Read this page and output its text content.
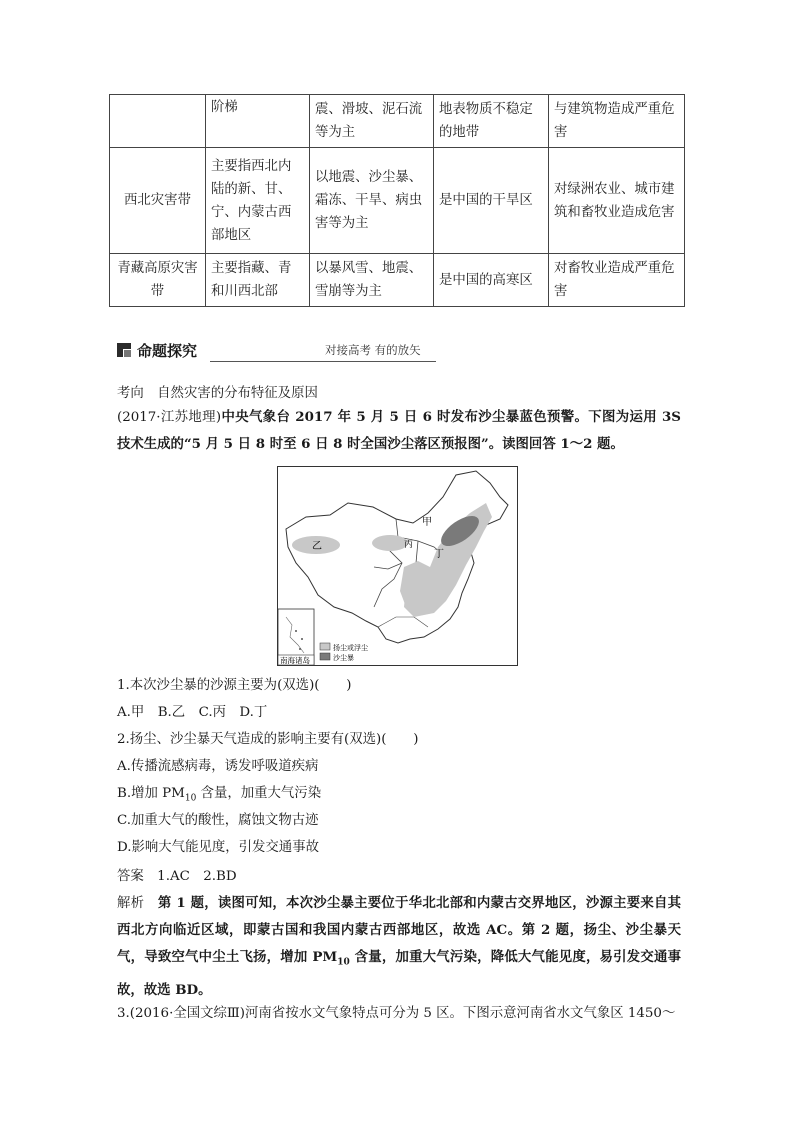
	阶梯	震、滑坡、泥石流等为主	地表物质不稳定的地带	与建筑物造成严重危害
西北灾害带	主要指西北内陆的新、甘、宁、内蒙古西部地区	以地震、沙尘暴、霜冻、干旱、病虫害等为主	是中国的干旱区	对绿洲农业、城市建筑和畜牧业造成危害
青藏高原灾害带	主要指藏、青和川西北部	以暴风雪、地震、雪崩等为主	是中国的高寒区	对畜牧业造成严重危害
命题探究	对接高考 有的放矢
考向　自然灾害的分布特征及原因
(2017·江苏地理)中央气象台 2017 年 5 月 5 日 6 时发布沙尘暴蓝色预警。下图为运用 3S 技术生成的“5 月 5 日 8 时至 6 日 8 时全国沙尘落区预报图”。读图回答 1～2 题。
甲
乙	丙
丁
南海诸岛
扬尘或浮尘
沙尘暴
1.本次沙尘暴的沙源主要为(双选)(　　)
A.甲　B.乙　C.丙　D.丁
2.扬尘、沙尘暴天气造成的影响主要有(双选)(　　)
A.传播流感病毒，诱发呼吸道疾病
B.增加 $PM_{10}$ 含量，加重大气污染
C.加重大气的酸性，腐蚀文物古迹
D.影响大气能见度，引发交通事故
答案　1.AC　2.BD
解析　第 1 题，读图可知，本次沙尘暴主要位于华北北部和内蒙古交界地区，沙源主要来自其西北方向临近区域，即蒙古国和我国内蒙古西部地区，故选 AC。第 2 题，扬尘、沙尘暴天气，导致空气中尘土飞扬，增加 $PM_{10}$ 含量，加重大气污染，降低大气能见度，易引发交通事故，故选 BD。
3.(2016·全国文综Ⅲ)河南省按水文气象特点可分为 5 区。下图示意河南省水文气象区 1450～
